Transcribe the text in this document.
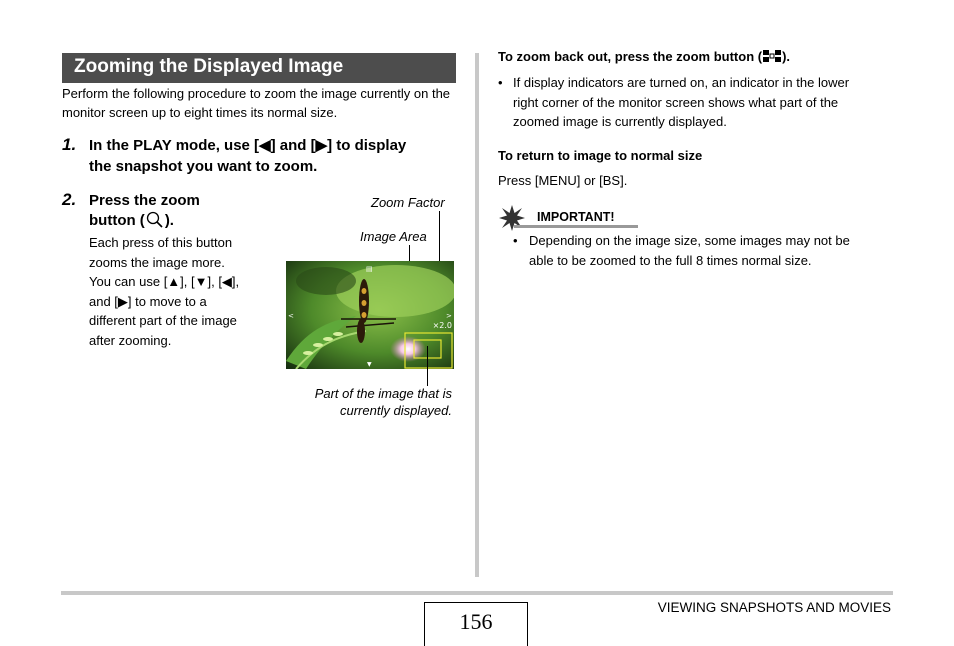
Zooming the Displayed Image
Perform the following procedure to zoom the image currently on the monitor screen up to eight times its normal size.
1. In the PLAY mode, use [◀] and [▶] to display
the snapshot you want to zoom.
2. Press the zoom
button ( ).
Each press of this button
zooms the image more.
You can use [▲], [▼], [◀],
and [▶] to move to a
different part of the image
after zooming.
Zoom Factor
Image Area
▤
<	>
▼
×2.0
Part of the image that is
currently displayed.
To zoom back out, press the zoom button ( ).
• If display indicators are turned on, an indicator in the lower
right corner of the monitor screen shows what part of the
zoomed image is currently displayed.
To return to image to normal size
Press [MENU] or [BS].
IMPORTANT!
• Depending on the image size, some images may not be
able to be zoomed to the full 8 times normal size.
156
VIEWING SNAPSHOTS AND MOVIES
